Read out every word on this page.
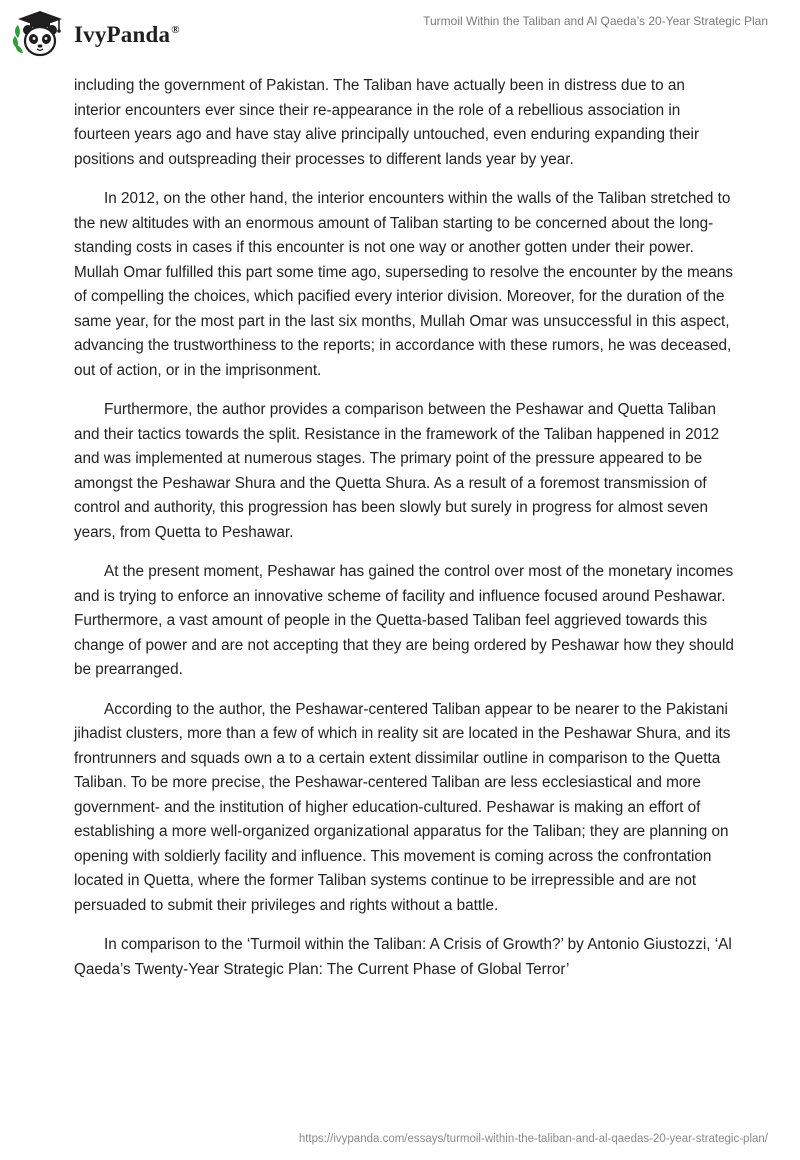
IvyPanda®
Turmoil Within the Taliban and Al Qaeda’s 20-Year Strategic Plan

including the government of Pakistan. The Taliban have actually been in distress due to an interior encounters ever since their re-appearance in the role of a rebellious association in fourteen years ago and have stay alive principally untouched, even enduring expanding their positions and outspreading their processes to different lands year by year.

In 2012, on the other hand, the interior encounters within the walls of the Taliban stretched to the new altitudes with an enormous amount of Taliban starting to be concerned about the long-standing costs in cases if this encounter is not one way or another gotten under their power. Mullah Omar fulfilled this part some time ago, superseding to resolve the encounter by the means of compelling the choices, which pacified every interior division. Moreover, for the duration of the same year, for the most part in the last six months, Mullah Omar was unsuccessful in this aspect, advancing the trustworthiness to the reports; in accordance with these rumors, he was deceased, out of action, or in the imprisonment.

Furthermore, the author provides a comparison between the Peshawar and Quetta Taliban and their tactics towards the split. Resistance in the framework of the Taliban happened in 2012 and was implemented at numerous stages. The primary point of the pressure appeared to be amongst the Peshawar Shura and the Quetta Shura. As a result of a foremost transmission of control and authority, this progression has been slowly but surely in progress for almost seven years, from Quetta to Peshawar.

At the present moment, Peshawar has gained the control over most of the monetary incomes and is trying to enforce an innovative scheme of facility and influence focused around Peshawar. Furthermore, a vast amount of people in the Quetta-based Taliban feel aggrieved towards this change of power and are not accepting that they are being ordered by Peshawar how they should be prearranged.

According to the author, the Peshawar-centered Taliban appear to be nearer to the Pakistani jihadist clusters, more than a few of which in reality sit are located in the Peshawar Shura, and its frontrunners and squads own a to a certain extent dissimilar outline in comparison to the Quetta Taliban. To be more precise, the Peshawar-centered Taliban are less ecclesiastical and more government- and the institution of higher education-cultured. Peshawar is making an effort of establishing a more well-organized organizational apparatus for the Taliban; they are planning on opening with soldierly facility and influence. This movement is coming across the confrontation located in Quetta, where the former Taliban systems continue to be irrepressible and are not persuaded to submit their privileges and rights without a battle.

In comparison to the ‘Turmoil within the Taliban: A Crisis of Growth?’ by Antonio Giustozzi, ‘Al Qaeda’s Twenty-Year Strategic Plan: The Current Phase of Global Terror’

https://ivypanda.com/essays/turmoil-within-the-taliban-and-al-qaedas-20-year-strategic-plan/
